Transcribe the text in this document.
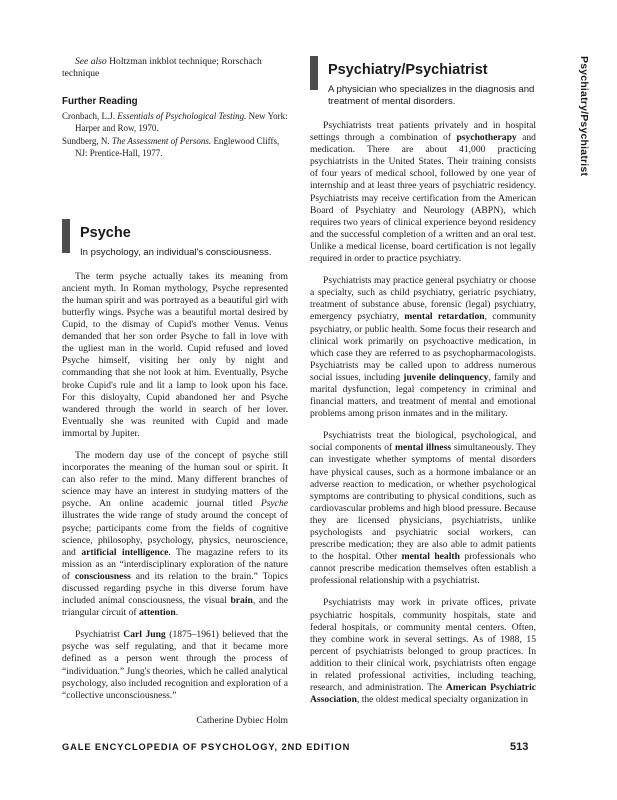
See also Holtzman inkblot technique; Rorschach technique

Further Reading

Cronbach, L.J. Essentials of Psychological Testing. New York: Harper and Row, 1970.

Sundberg, N. The Assessment of Persons. Englewood Cliffs, NJ: Prentice-Hall, 1977.

Psyche
In psychology, an individual's consciousness.

The term psyche actually takes its meaning from ancient myth. In Roman mythology, Psyche represented the human spirit and was portrayed as a beautiful girl with butterfly wings. Psyche was a beautiful mortal desired by Cupid, to the dismay of Cupid's mother Venus. Venus demanded that her son order Psyche to fall in love with the ugliest man in the world. Cupid refused and loved Psyche himself, visiting her only by night and commanding that she not look at him. Eventually, Psyche broke Cupid's rule and lit a lamp to look upon his face. For this disloyalty, Cupid abandoned her and Psyche wandered through the world in search of her lover. Eventually she was reunited with Cupid and made immortal by Jupiter.

The modern day use of the concept of psyche still incorporates the meaning of the human soul or spirit. It can also refer to the mind. Many different branches of science may have an interest in studying matters of the psyche. An online academic journal titled Psyche illustrates the wide range of study around the concept of psyche; participants come from the fields of cognitive science, philosophy, psychology, physics, neuroscience, and artificial intelligence. The magazine refers to its mission as an “interdisciplinary exploration of the nature of consciousness and its relation to the brain.” Topics discussed regarding psyche in this diverse forum have included animal consciousness, the visual brain, and the triangular circuit of attention.

Psychiatrist Carl Jung (1875–1961) believed that the psyche was self regulating, and that it became more defined as a person went through the process of “individuation.” Jung's theories, which he called analytical psychology, also included recognition and exploration of a “collective unconsciousness.”

Catherine Dybiec Holm
Psychiatry/Psychiatrist
A physician who specializes in the diagnosis and treatment of mental disorders.

Psychiatrists treat patients privately and in hospital settings through a combination of psychotherapy and medication. There are about 41,000 practicing psychiatrists in the United States. Their training consists of four years of medical school, followed by one year of internship and at least three years of psychiatric residency. Psychiatrists may receive certification from the American Board of Psychiatry and Neurology (ABPN), which requires two years of clinical experience beyond residency and the successful completion of a written and an oral test. Unlike a medical license, board certification is not legally required in order to practice psychiatry.

Psychiatrists may practice general psychiatry or choose a specialty, such as child psychiatry, geriatric psychiatry, treatment of substance abuse, forensic (legal) psychiatry, emergency psychiatry, mental retardation, community psychiatry, or public health. Some focus their research and clinical work primarily on psychoactive medication, in which case they are referred to as psychopharmacologists. Psychiatrists may be called upon to address numerous social issues, including juvenile delinquency, family and marital dysfunction, legal competency in criminal and financial matters, and treatment of mental and emotional problems among prison inmates and in the military.

Psychiatrists treat the biological, psychological, and social components of mental illness simultaneously. They can investigate whether symptoms of mental disorders have physical causes, such as a hormone imbalance or an adverse reaction to medication, or whether psychological symptoms are contributing to physical conditions, such as cardiovascular problems and high blood pressure. Because they are licensed physicians, psychiatrists, unlike psychologists and psychiatric social workers, can prescribe medication; they are also able to admit patients to the hospital. Other mental health professionals who cannot prescribe medication themselves often establish a professional relationship with a psychiatrist.

Psychiatrists may work in private offices, private psychiatric hospitals, community hospitals, state and federal hospitals, or community mental centers. Often, they combine work in several settings. As of 1988, 15 percent of psychiatrists belonged to group practices. In addition to their clinical work, psychiatrists often engage in related professional activities, including teaching, research, and administration. The American Psychiatric Association, the oldest medical specialty organization in

Psychiatry/Psychiatrist
GALE ENCYCLOPEDIA OF PSYCHOLOGY, 2ND EDITION	513
